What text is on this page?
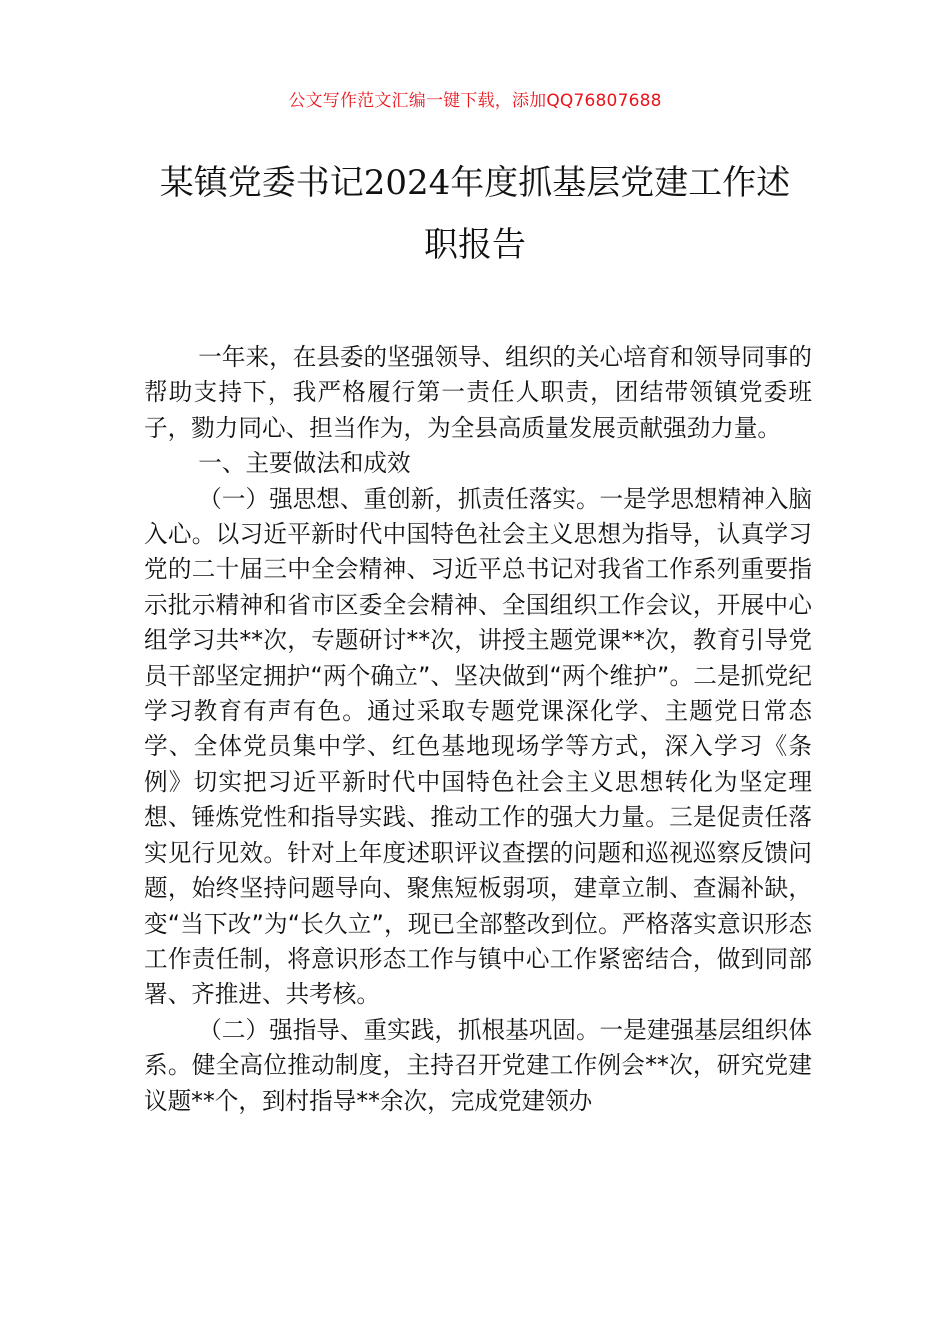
公文写作范文汇编一键下载，添加QQ76807688
某镇党委书记2024年度抓基层党建工作述
职报告

一年来，在县委的坚强领导、组织的关心培育和领导同事的帮助支持下，我严格履行第一责任人职责，团结带领镇党委班子，勠力同心、担当作为，为全县高质量发展贡献强劲力量。

一、主要做法和成效

（一）强思想、重创新，抓责任落实。一是学思想精神入脑入心。以习近平新时代中国特色社会主义思想为指导，认真学习党的二十届三中全会精神、习近平总书记对我省工作系列重要指示批示精神和省市区委全会精神、全国组织工作会议，开展中心组学习共**次，专题研讨**次，讲授主题党课**次，教育引导党员干部坚定拥护“两个确立”、坚决做到“两个维护”。二是抓党纪学习教育有声有色。通过采取专题党课深化学、主题党日常态学、全体党员集中学、红色基地现场学等方式，深入学习《条例》切实把习近平新时代中国特色社会主义思想转化为坚定理想、锤炼党性和指导实践、推动工作的强大力量。三是促责任落实见行见效。针对上年度述职评议查摆的问题和巡视巡察反馈问题，始终坚持问题导向、聚焦短板弱项，建章立制、查漏补缺，变“当下改”为“长久立”，现已全部整改到位。严格落实意识形态工作责任制，将意识形态工作与镇中心工作紧密结合，做到同部署、齐推进、共考核。

（二）强指导、重实践，抓根基巩固。一是建强基层组织体系。健全高位推动制度，主持召开党建工作例会**次，研究党建议题**个，到村指导**余次，完成党建领办
